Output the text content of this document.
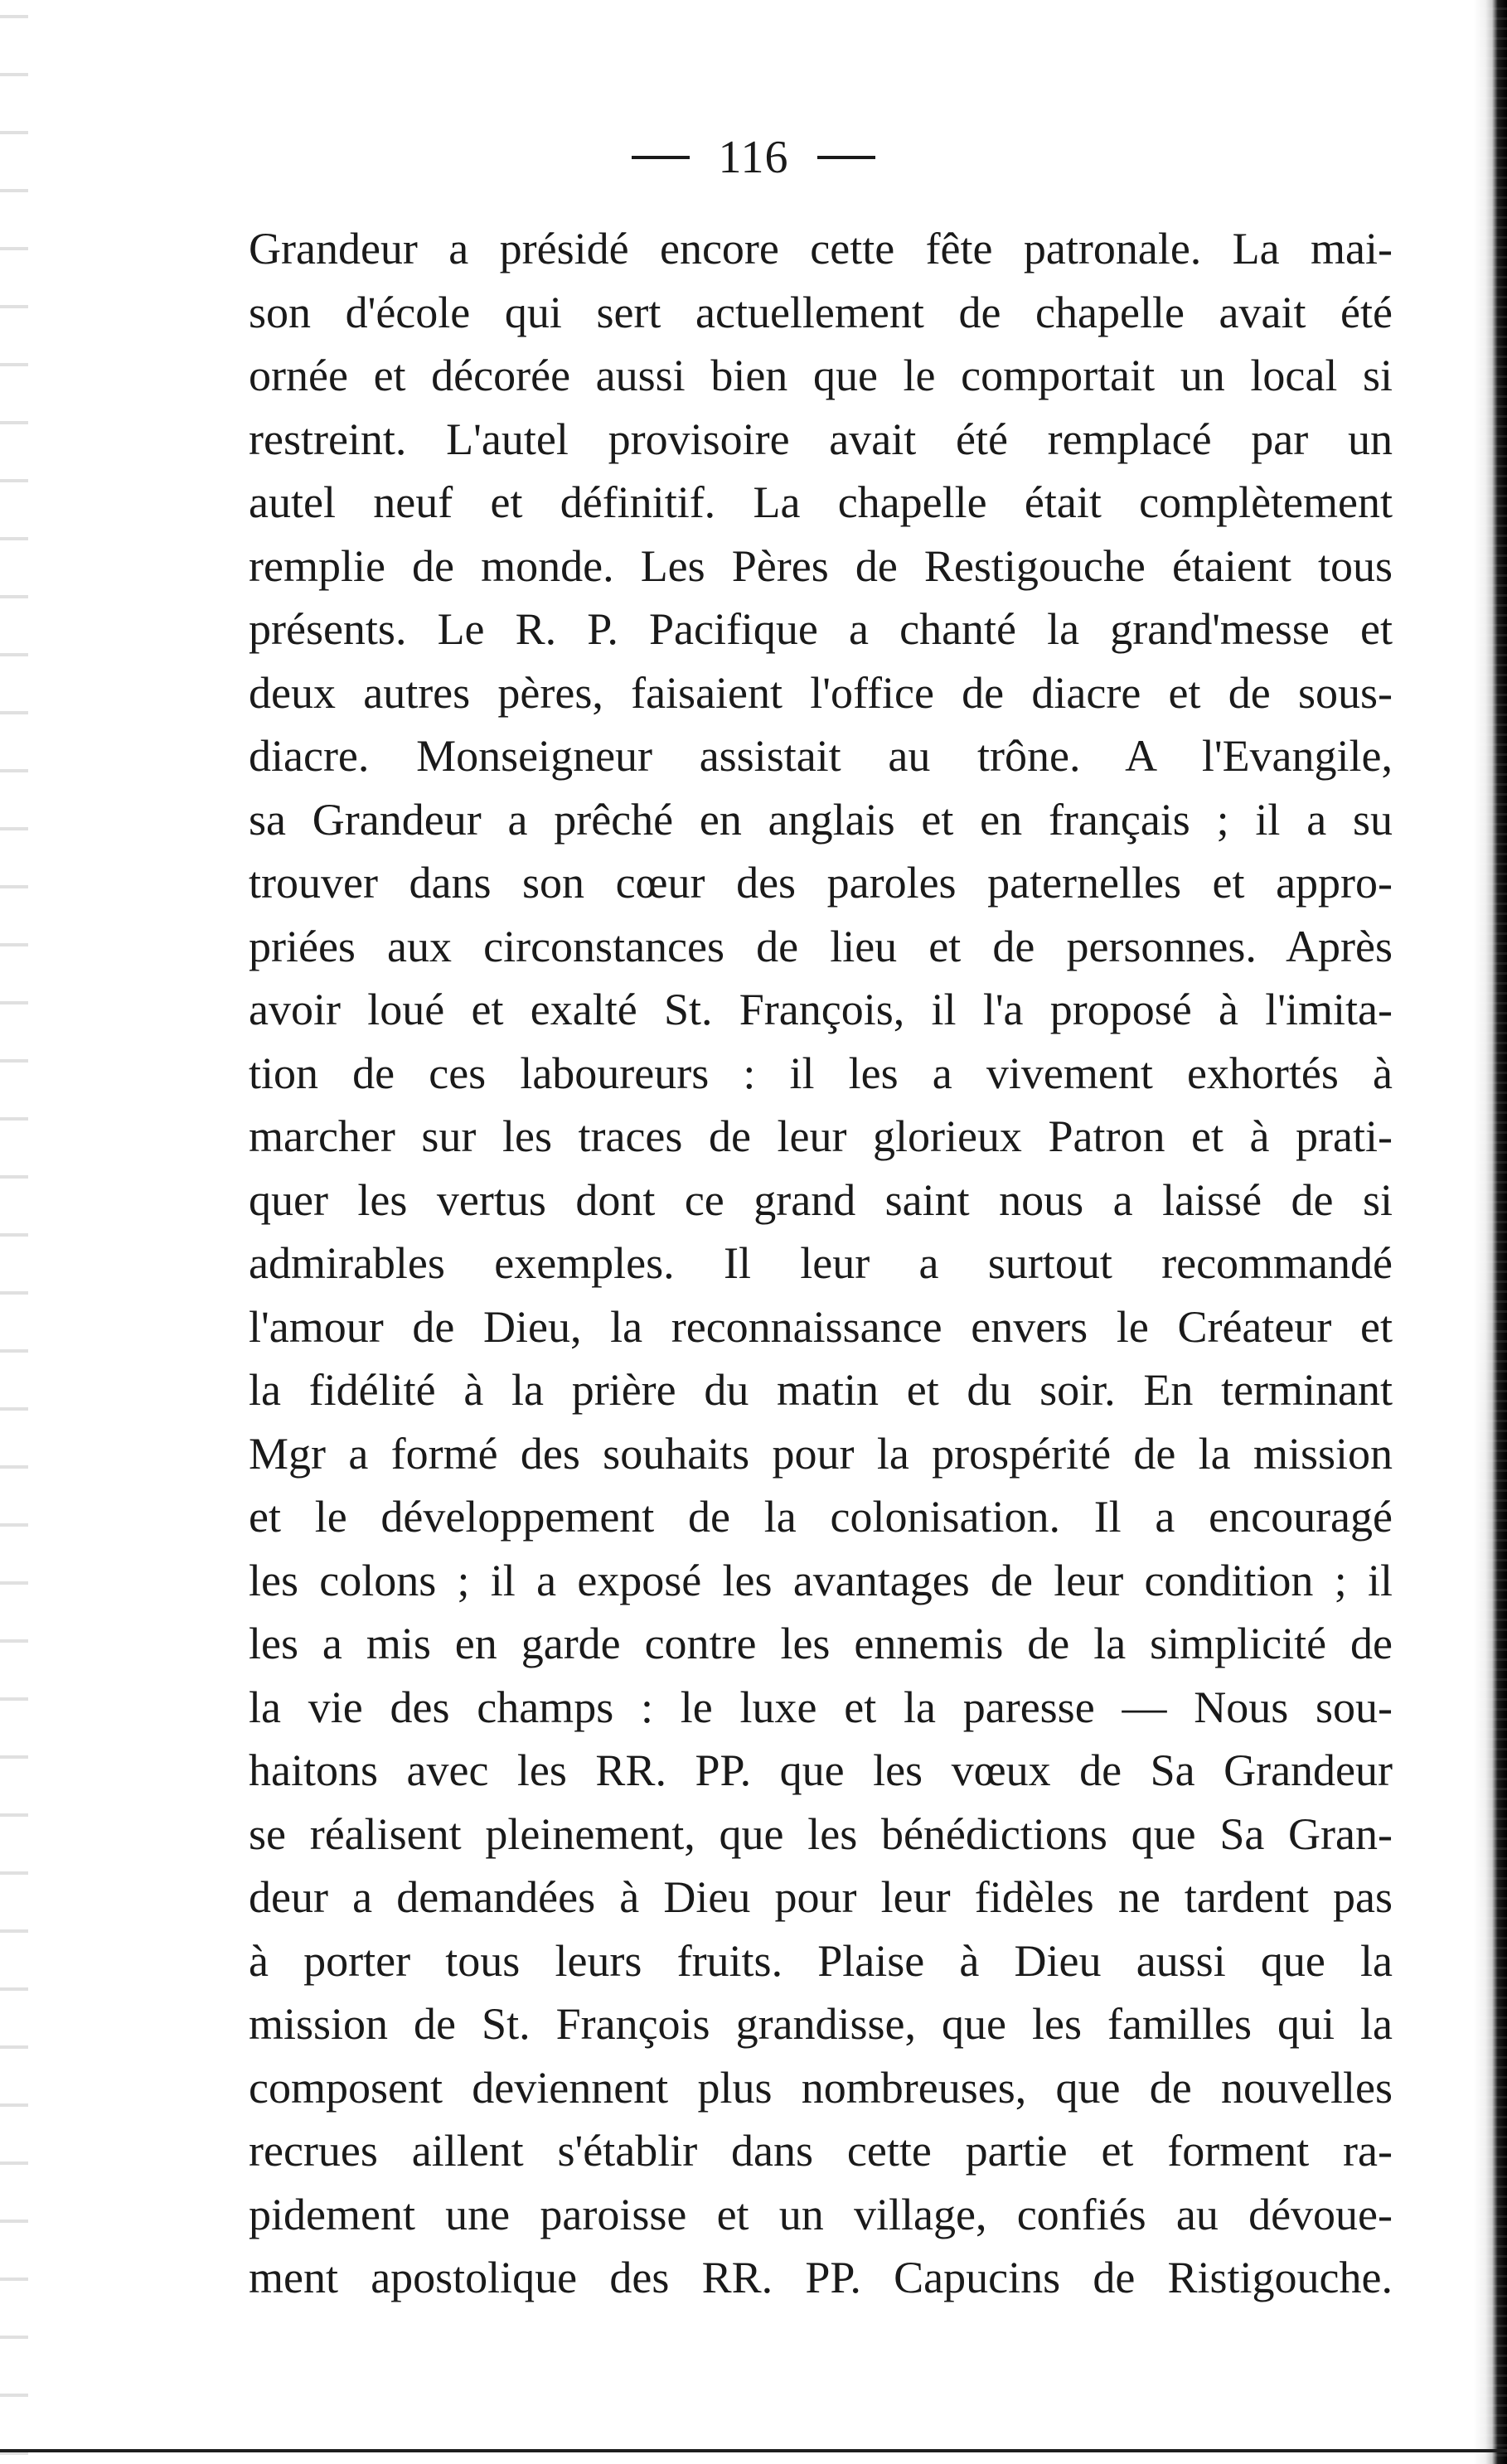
116
Grandeur a présidé encore cette fête patronale. La mai-
son d'école qui sert actuellement de chapelle avait été
ornée et décorée aussi bien que le comportait un local si
restreint. L'autel provisoire avait été remplacé par un
autel neuf et définitif. La chapelle était complètement
remplie de monde. Les Pères de Restigouche étaient tous
présents. Le R. P. Pacifique a chanté la grand'messe et
deux autres pères, faisaient l'office de diacre et de sous-
diacre. Monseigneur assistait au trône. A l'Evangile,
sa Grandeur a prêché en anglais et en français ; il a su
trouver dans son cœur des paroles paternelles et appro-
priées aux circonstances de lieu et de personnes. Après
avoir loué et exalté St. François, il l'a proposé à l'imita-
tion de ces laboureurs : il les a vivement exhortés à
marcher sur les traces de leur glorieux Patron et à prati-
quer les vertus dont ce grand saint nous a laissé de si
admirables exemples. Il leur a surtout recommandé
l'amour de Dieu, la reconnaissance envers le Créateur et
la fidélité à la prière du matin et du soir. En terminant
Mgr a formé des souhaits pour la prospérité de la mission
et le développement de la colonisation. Il a encouragé
les colons ; il a exposé les avantages de leur condition ; il
les a mis en garde contre les ennemis de la simplicité de
la vie des champs : le luxe et la paresse — Nous sou-
haitons avec les RR. PP. que les vœux de Sa Grandeur
se réalisent pleinement, que les bénédictions que Sa Gran-
deur a demandées à Dieu pour leur fidèles ne tardent pas
à porter tous leurs fruits. Plaise à Dieu aussi que la
mission de St. François grandisse, que les familles qui la
composent deviennent plus nombreuses, que de nouvelles
recrues aillent s'établir dans cette partie et forment ra-
pidement une paroisse et un village, confiés au dévoue-
ment apostolique des RR. PP. Capucins de Ristigouche.
